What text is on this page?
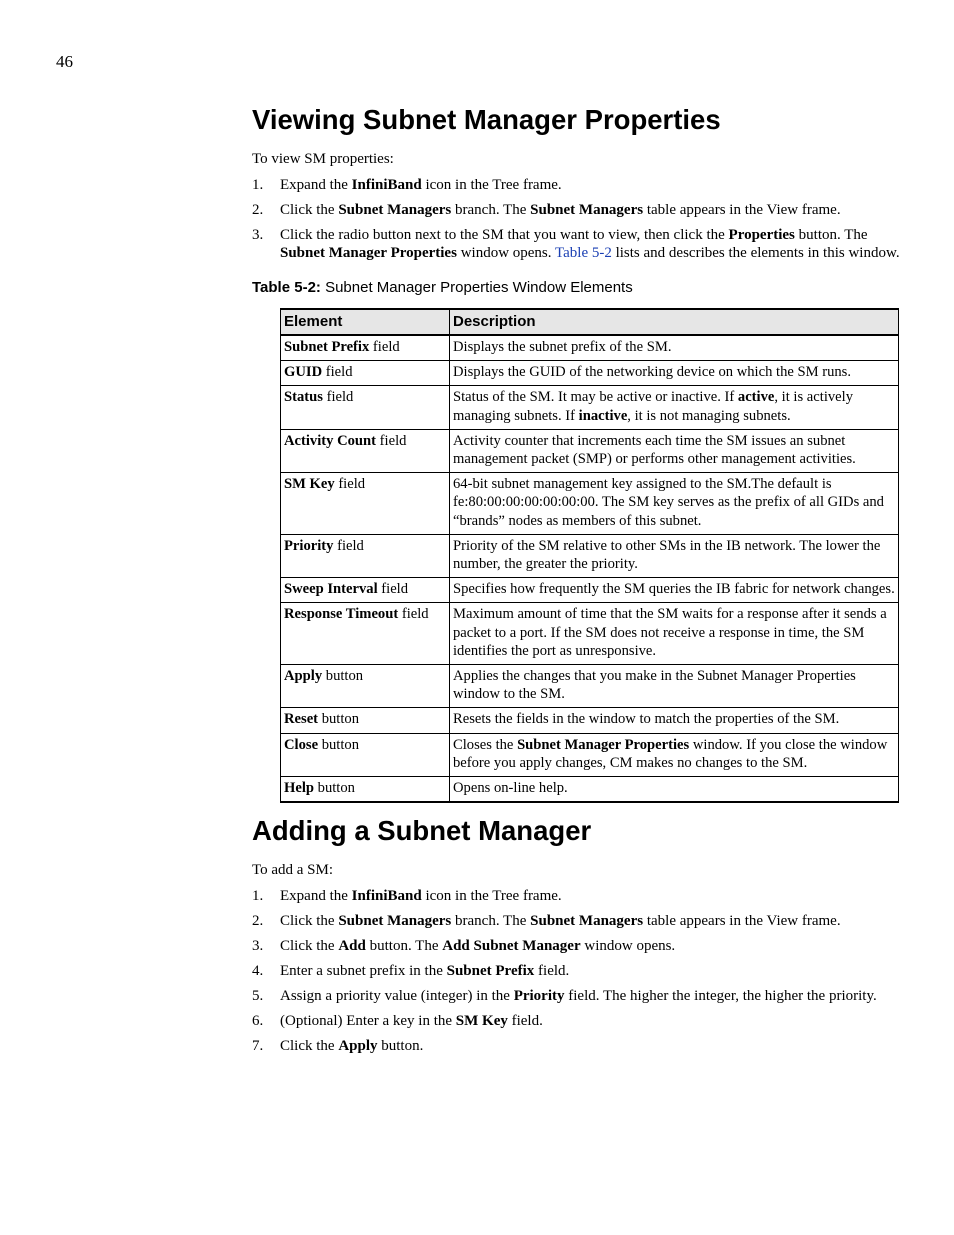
46
Viewing Subnet Manager Properties

To view SM properties:

1. Expand the InfiniBand icon in the Tree frame.
2. Click the Subnet Managers branch. The Subnet Managers table appears in the View frame.
3. Click the radio button next to the SM that you want to view, then click the Properties button. The Subnet Manager Properties window opens. Table 5-2 lists and describes the elements in this window.
Table 5-2: Subnet Manager Properties Window Elements
Element	Description
Subnet Prefix field	Displays the subnet prefix of the SM.
GUID field	Displays the GUID of the networking device on which the SM runs.
Status field	Status of the SM. It may be active or inactive. If active, it is actively managing subnets. If inactive, it is not managing subnets.
Activity Count field	Activity counter that increments each time the SM issues an subnet management packet (SMP) or performs other management activities.
SM Key field	64-bit subnet management key assigned to the SM.The default is fe:80:00:00:00:00:00:00. The SM key serves as the prefix of all GIDs and “brands” nodes as members of this subnet.
Priority field	Priority of the SM relative to other SMs in the IB network. The lower the number, the greater the priority.
Sweep Interval field	Specifies how frequently the SM queries the IB fabric for network changes.
Response Timeout field	Maximum amount of time that the SM waits for a response after it sends a packet to a port. If the SM does not receive a response in time, the SM identifies the port as unresponsive.
Apply button	Applies the changes that you make in the Subnet Manager Properties window to the SM.
Reset button	Resets the fields in the window to match the properties of the SM.
Close button	Closes the Subnet Manager Properties window. If you close the window before you apply changes, CM makes no changes to the SM.
Help button	Opens on-line help.
Adding a Subnet Manager

To add a SM:

1. Expand the InfiniBand icon in the Tree frame.
2. Click the Subnet Managers branch. The Subnet Managers table appears in the View frame.
3. Click the Add button. The Add Subnet Manager window opens.
4. Enter a subnet prefix in the Subnet Prefix field.
5. Assign a priority value (integer) in the Priority field. The higher the integer, the higher the priority.
6. (Optional) Enter a key in the SM Key field.
7. Click the Apply button.
